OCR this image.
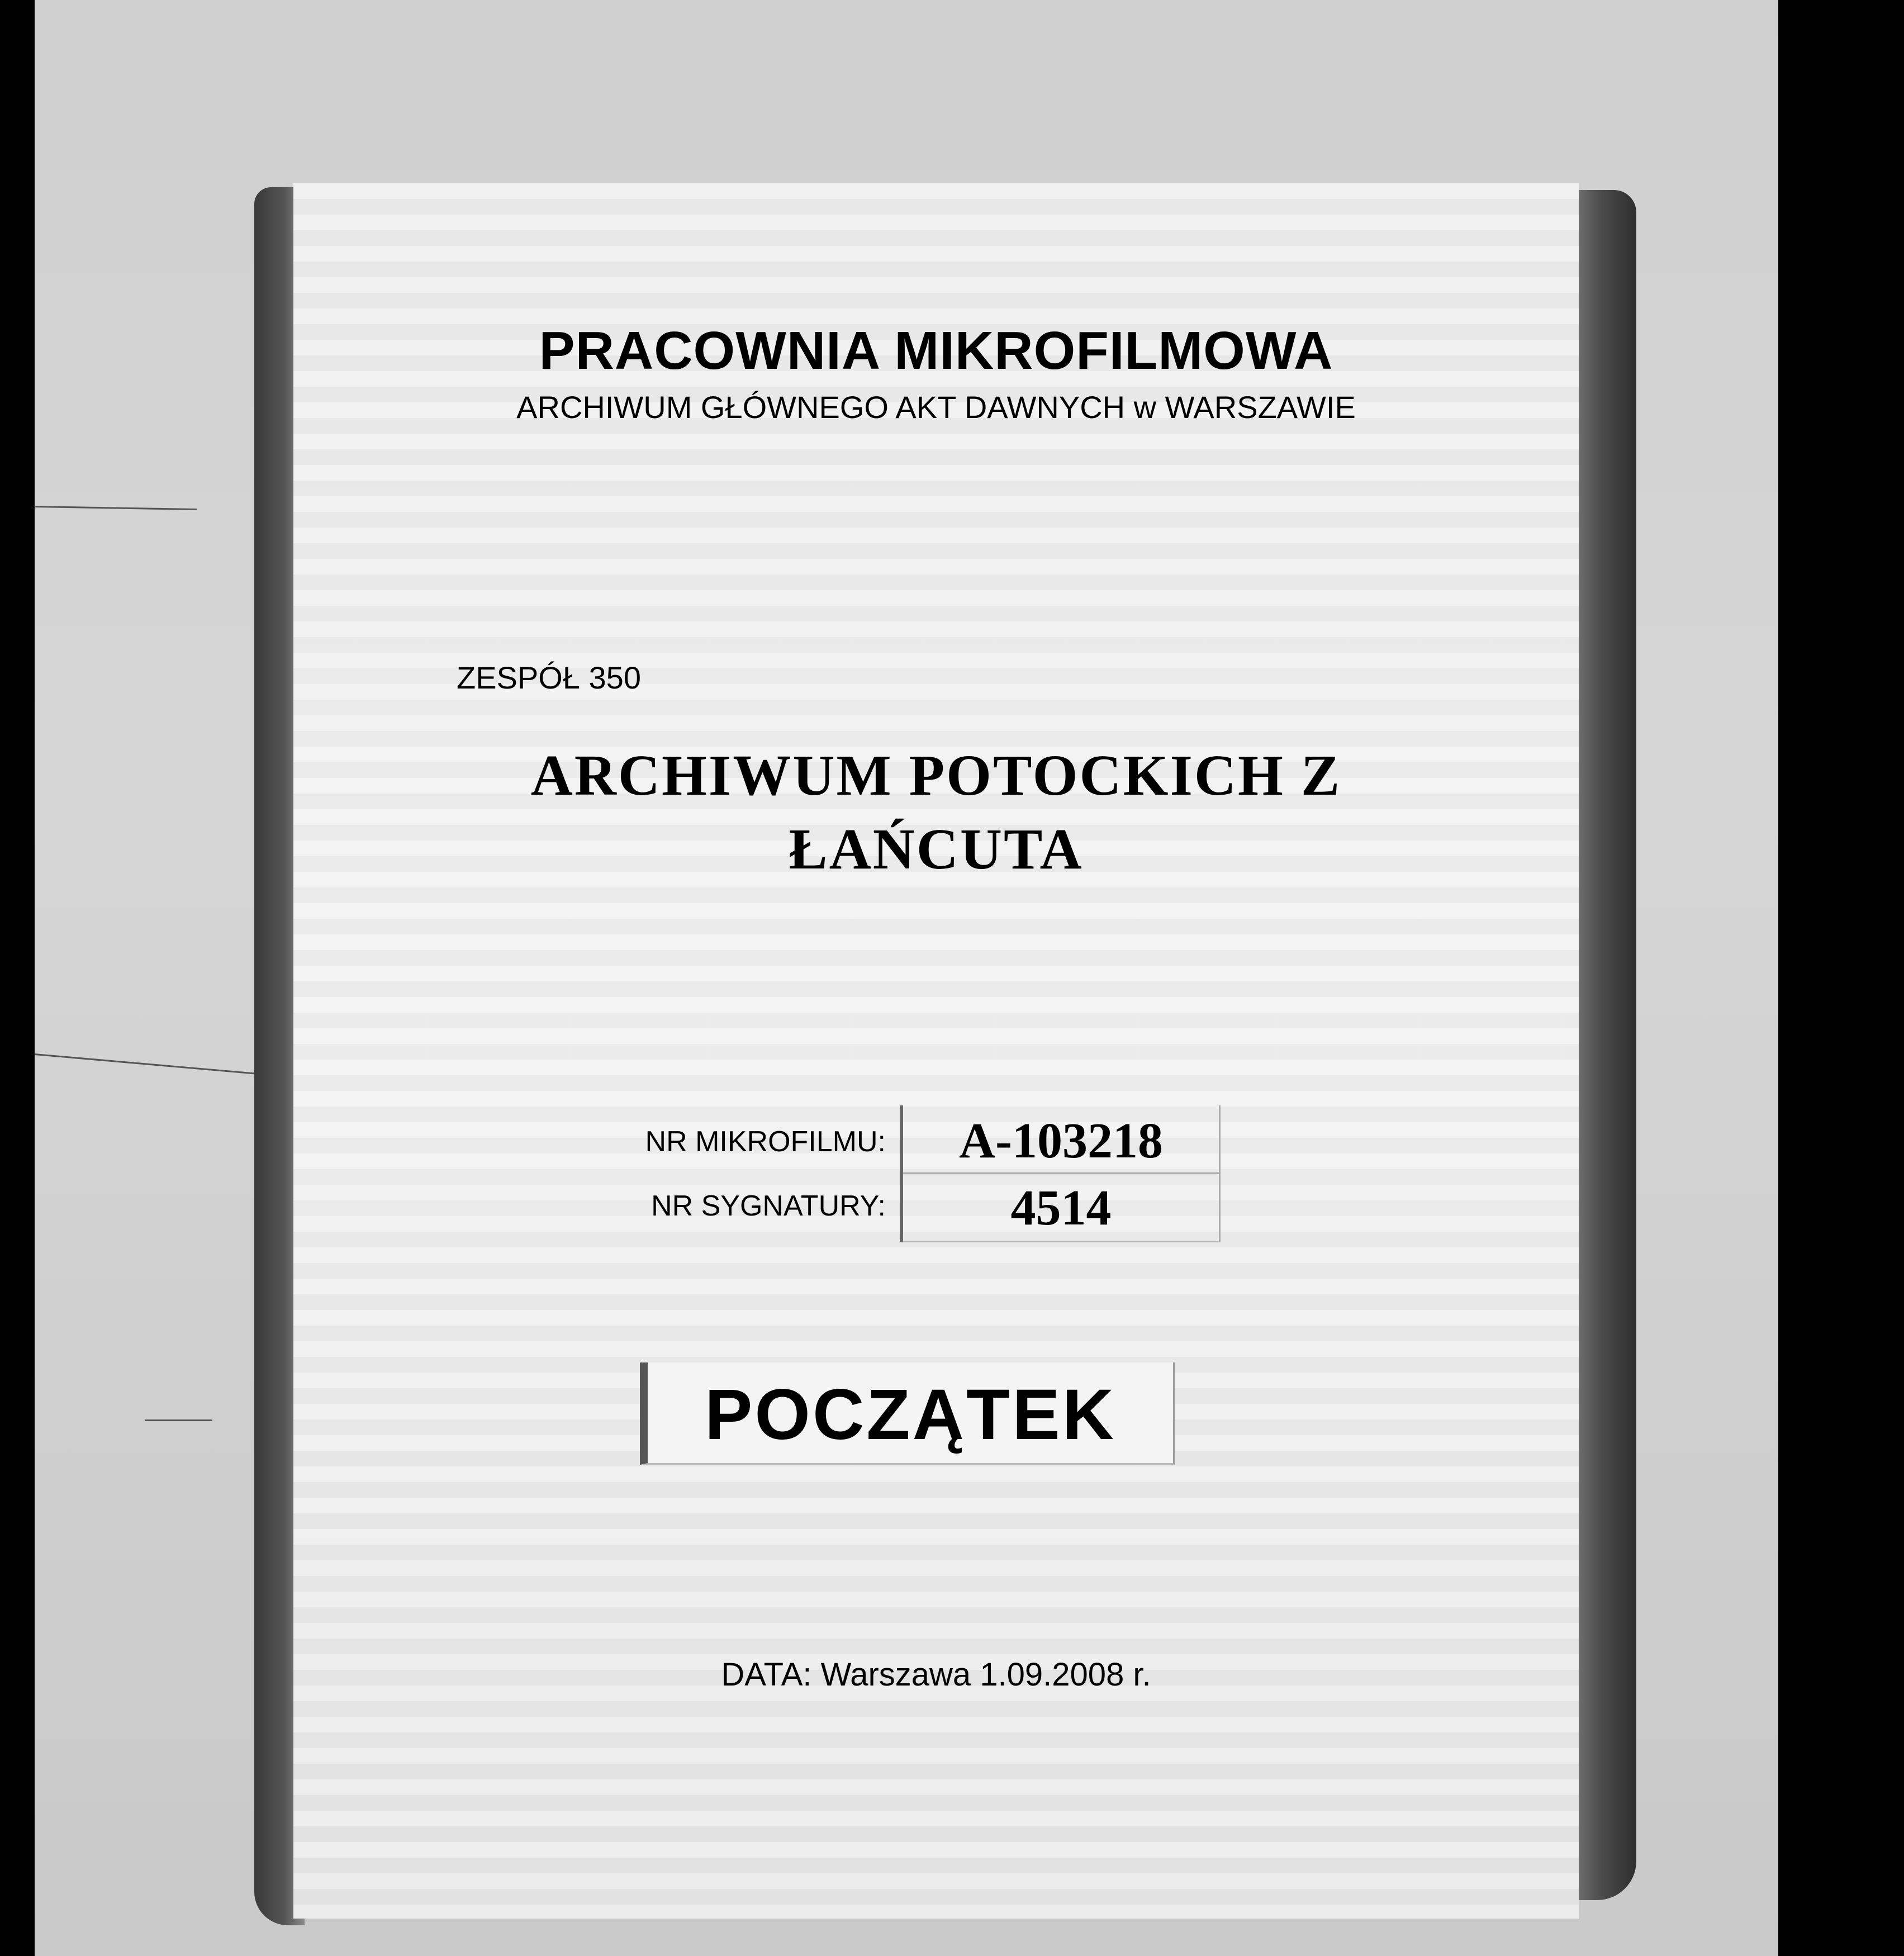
PRACOWNIA MIKROFILMOWA
ARCHIWUM GŁÓWNEGO AKT DAWNYCH w WARSZAWIE
ZESPÓŁ 350
ARCHIWUM POTOCKICH Z
ŁAŃCUTA
NR MIKROFILMU:
NR SYGNATURY:
A-103218
4514
POCZĄTEK
DATA: Warszawa 1.09.2008 r.
